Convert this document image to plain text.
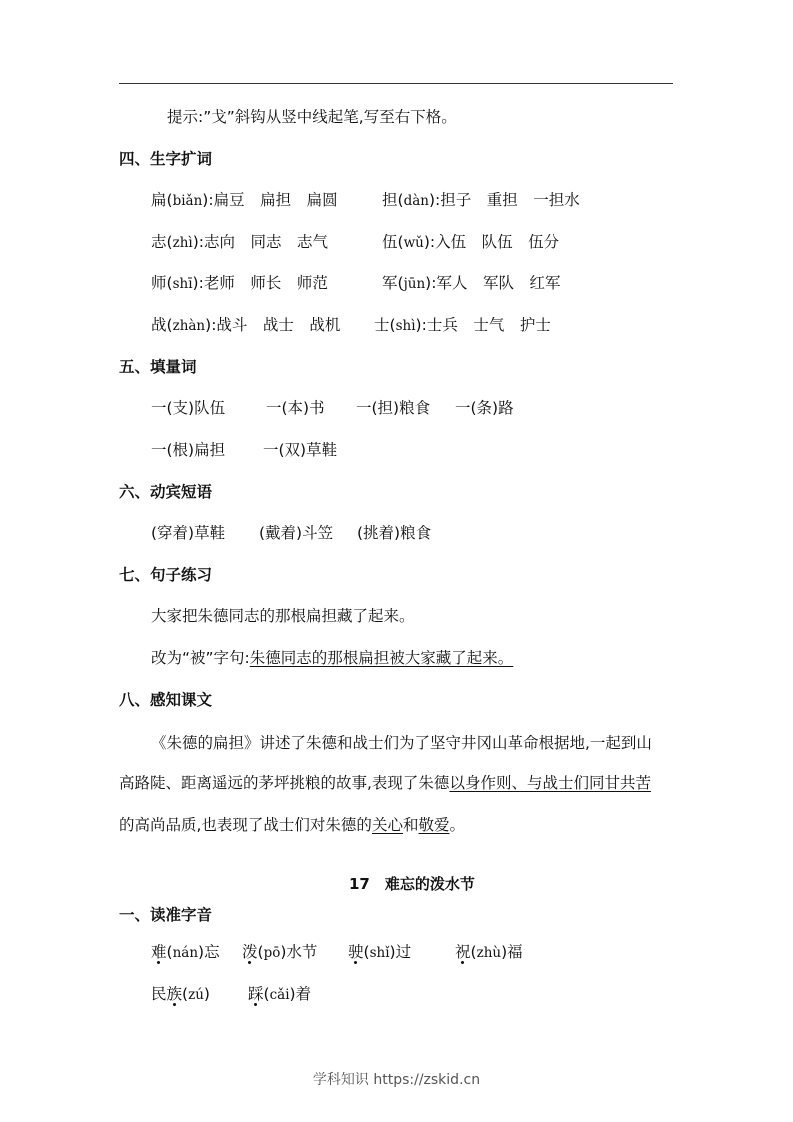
提示:”戈”斜钩从竖中线起笔,写至右下格。
四、生字扩词
扁(biǎn):扁豆　扁担　扁圆	担(dàn):担子　重担　一担水
志(zhì):志向　同志　志气	伍(wǔ):入伍　队伍　伍分
师(shī):老师　师长　师范	军(jūn):军人　军队　红军
战(zhàn):战斗　战士　战机 士(shì):士兵　士气　护士
五、填量词
一(支)队伍	一(本)书 一(担)粮食 一(条)路
一(根)扁担 一(双)草鞋
六、动宾短语
(穿着)草鞋 (戴着)斗笠 (挑着)粮食
七、句子练习
大家把朱德同志的那根扁担藏了起来。
改为“被”字句:朱德同志的那根扁担被大家藏了起来。
八、感知课文
《朱德的扁担》讲述了朱德和战士们为了坚守井冈山革命根据地,一起到山
高路陡、距离遥远的茅坪挑粮的故事,表现了朱德以身作则、与战士们同甘共苦
的高尚品质,也表现了战士们对朱德的关心和敬爱。
17　难忘的泼水节
一、读准字音
难(nán)忘 泼(pō)水节 驶(shǐ)过	祝(zhù)福
民族(zú) 踩(cǎi)着
学科知识 https://zskid.cn
